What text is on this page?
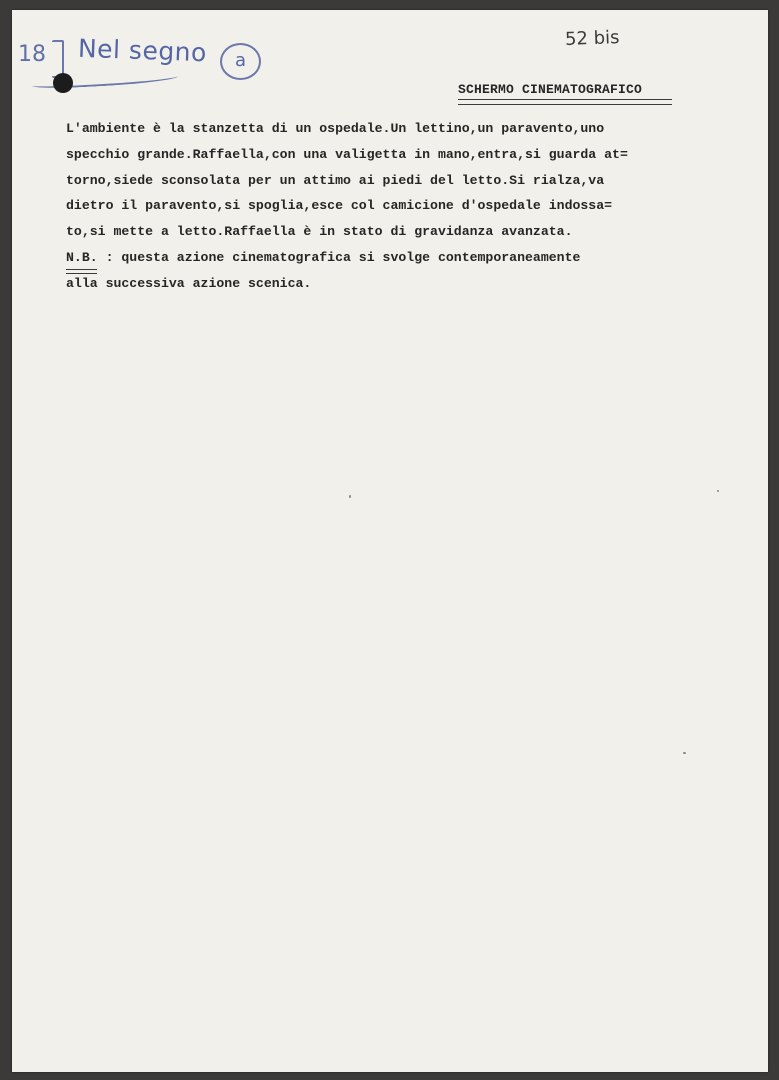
18 Nel segno	a
52 bis
SCHERMO CINEMATOGRAFICO
L'ambiente è la stanzetta di un ospedale.Un lettino,un paravento,uno
specchio grande.Raffaella,con una valigetta in mano,entra,si guarda at=
torno,siede sconsolata per un attimo ai piedi del letto.Si rialza,va
dietro il paravento,si spoglia,esce col camicione d'ospedale indossa=
to,si mette a letto.Raffaella è in stato di gravidanza avanzata.
N.B. : questa azione cinematografica si svolge contemporaneamente
alla successiva azione scenica.
